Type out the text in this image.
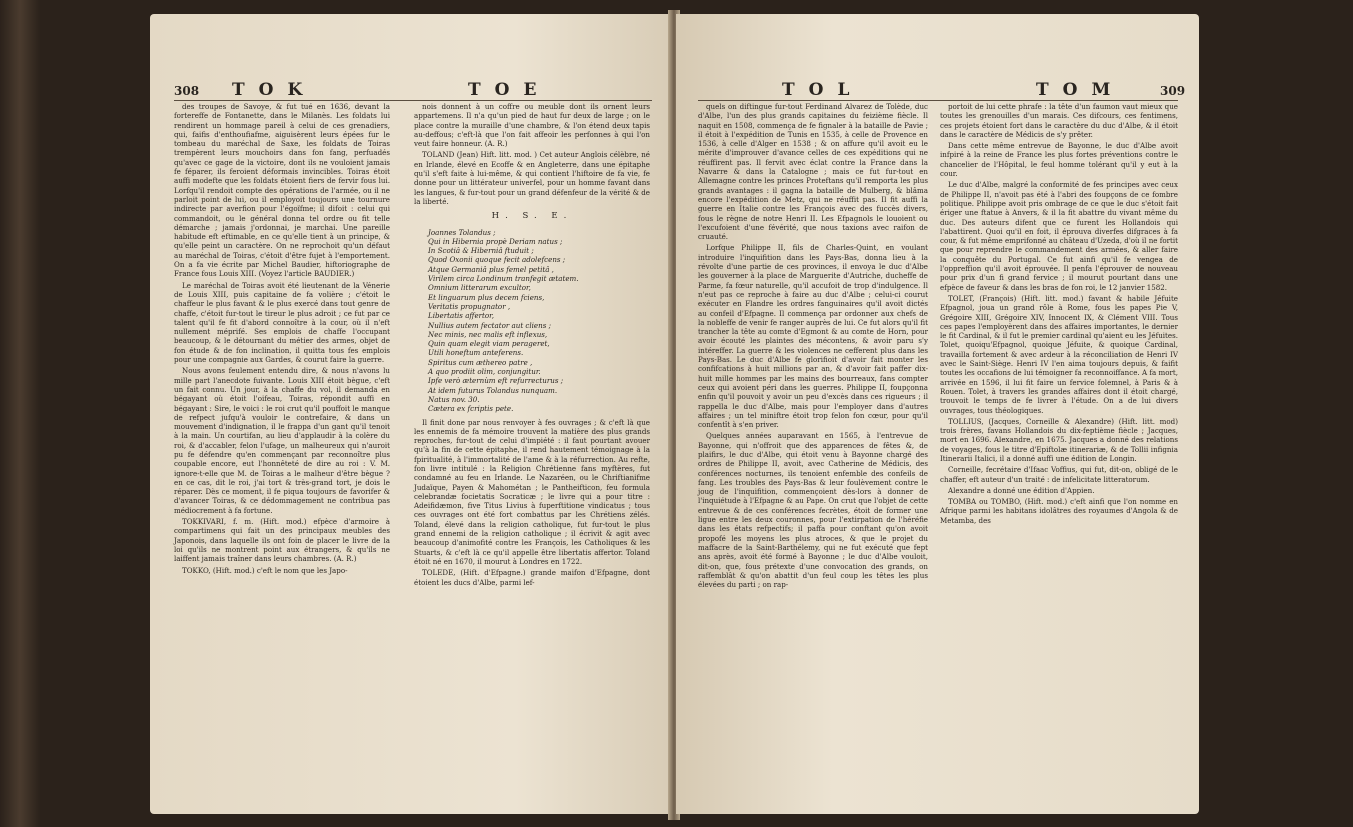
308 TOK	TOE

des troupes de Savoye, & fut tué en 1636, devant la fortereffe de Fontanette, dans le Milanès. Les foldats lui rendirent un hommage pareil à celui de ces grenadiers, qui, faifis d'enthoufiafme, aiguisèrent leurs épées fur le tombeau du maréchal de Saxe, les foldats de Toiras trempèrent leurs mouchoirs dans fon fang, perfuadés qu'avec ce gage de la victoire, dont ils ne vouloient jamais fe féparer, ils feroient déformais invincibles. Toiras étoit auffi modefte que les foldats étoient fiers de fervir fous lui. Lorfqu'il rendoit compte des opérations de l'armée, ou il ne parloit point de lui, ou il employoit toujours une tournure indirecte par averfion pour l'égoïfme; il difoit : celui qui commandoit, ou le général donna tel ordre ou fit telle démarche ; jamais j'ordonnai, je marchai. Une pareille habitude eft eftimable, en ce qu'elle tient à un principe, & qu'elle peint un caractère. On ne reprochoit qu'un défaut au maréchal de Toiras, c'étoit d'être fujet à l'emportement. On a fa vie écrite par Michel Baudier, hiftoriographe de France fous Louis XIII. (Voyez l'article BAUDIER.)

Le maréchal de Toiras avoit été lieutenant de la Vénerie de Louis XIII, puis capitaine de fa volière ; c'étoit le chaffeur le plus favant & le plus exercé dans tout genre de chaffe, c'étoit fur-tout le tireur le plus adroit ; ce fut par ce talent qu'il fe fit d'abord connoître à la cour, où il n'eft nullement méprifé. Ses emplois de chaffe l'occupant beaucoup, & le détournant du métier des armes, objet de fon étude & de fon inclination, il quitta tous fes emplois pour une compagnie aux Gardes, & courut faire la guerre.

Nous avons feulement entendu dire, & nous n'avons lu mille part l'anecdote fuivante. Louis XIII étoit bègue, c'eft un fait connu. Un jour, à la chaffe du vol, il demanda en bégayant où étoit l'oifeau, Toiras, répondit auffi en bégayant : Sire, le voici : le roi crut qu'il pouffoit le manque de refpect jufqu'à vouloir le contrefaire, & dans un mouvement d'indignation, il le frappa d'un gant qu'il tenoit à la main. Un courtifan, au lieu d'applaudir à la colère du roi, & d'accabler, felon l'ufage, un malheureux qui n'auroit pu fe défendre qu'en commençant par reconnoître plus coupable encore, eut l'honnêteté de dire au roi : V. M. ignore-t-elle que M. de Toiras a le malheur d'être bègue ? en ce cas, dit le roi, j'ai tort & très-grand tort, je dois le réparer. Dès ce moment, il fe piqua toujours de favorifer & d'avancer Toiras, & ce dédommagement ne contribua pas médiocrement à fa fortune.

TOKKIVARI, f. m. (Hift. mod.) efpèce d'armoire à compartimens qui fait un des principaux meubles des Japonois, dans laquelle ils ont foin de placer le livre de la loi qu'ils ne montrent point aux étrangers, & qu'ils ne laiffent jamais traîner dans leurs chambres. (A. R.)

TOKKO, (Hift. mod.) c'eft le nom que les Japo-

nois donnent à un coffre ou meuble dont ils ornent leurs appartemens. Il n'a qu'un pied de haut fur deux de large ; on le place contre la muraille d'une chambre, & l'on étend deux tapis au-deffous; c'eft-là que l'on fait affeoir les perfonnes à qui l'on veut faire honneur. (A. R.)

TOLAND (Jean) Hift. litt. mod. ) Cet auteur Anglois célèbre, né en Irlande, élevé en Ecoffe & en Angleterre, dans une épitaphe qu'il s'eft faite à lui-même, & qui contient l'hiftoire de fa vie, fe donne pour un littérateur univerfel, pour un homme favant dans les langues, & fur-tout pour un grand défenfeur de la vérité & de la liberté.

H. S. E.
Joannes Tolandus ;
Qui in Hibernia propè Deriam natus ;
In Scotiâ & Hiberniâ ftuduit ;
Quod Oxonii quoque fecit adolefcens ;
Atque Germaniâ plus femel petitâ ,
Virilem circa Londinum tranfegit ætatem.
Omnium litterarum excultor,
Et linguarum plus decem fciens,
Veritatis propugnator ,
Libertatis affertor,
Nullius autem fectator aut cliens ;
Nec minis, nec malis eft inflexus,
Quin quam elegit viam perageret,
Utili honeftum anteferens.
Spiritus cum æthereo patre ,
A quo prodiit olim, conjungitur.
Ipfe verò æternùm eft refurrecturus ;
At idem futurus Tolandus nunquam.
Natus nov. 30.
Cætera ex fcriptis pete.

Il finit done par nous renvoyer à fes ouvrages ; & c'eft là que les ennemis de fa mémoire trouvent la matière des plus grands reproches, fur-tout de celui d'impiété : il faut pourtant avouer qu'à la fin de cette épitaphe, il rend hautement témoignage à la fpiritualité, à l'immortalité de l'ame & à la réfurrection. Au refte, fon livre intitulé : la Religion Chrétienne fans myftères, fut condamné au feu en Irlande. Le Nazaréen, ou le Chriftianifme Judaïque, Payen & Mahométan ; le Pantheifticon, feu formula celebrandæ focietatis Socraticæ ; le livre qui a pour titre : Adeifidæmon, five Titus Livius à fuperftitione vindicatus ; tous ces ouvrages ont été fort combattus par les Chrétiens zélés. Toland, élevé dans la religion catholique, fut fur-tout le plus grand ennemi de la religion catholique ; il écrivit & agit avec beaucoup d'animofité contre les François, les Catholiques & les Stuarts, & c'eft là ce qu'il appelle être libertatis affertor. Toland étoit né en 1670, il mourut à Londres en 1722.

TOLEDE, (Hift. d'Efpagne.) grande maifon d'Efpagne, dont étoient les ducs d'Albe, parmi lef-

TOL	TOM	309

quels on diftingue fur-tout Ferdinand Alvarez de Tolède, duc d'Albe, l'un des plus grands capitaines du feizième fiècle. Il naquit en 1508, commença de fe fignaler à la bataille de Pavie ; il étoit à l'expédition de Tunis en 1535, à celle de Provence en 1536, à celle d'Alger en 1538 ; & on affure qu'il avoit eu le mérite d'improuver d'avance celles de ces expéditions qui ne réuffirent pas. Il fervit avec éclat contre la France dans la Navarre & dans la Catalogne ; mais ce fut fur-tout en Allemagne contre les princes Proteftans qu'il remporta les plus grands avantages : il gagna la bataille de Mulberg, & blâma encore l'expédition de Metz, qui ne réuffit pas. Il fit auffi la guerre en Italie contre les François avec des fuccès divers, fous le règne de notre Henri II. Les Efpagnols le louoient ou l'excufoient d'une févérité, que nous taxions avec raifon de cruauté.

Lorfque Philippe II, fils de Charles-Quint, en voulant introduire l'inquifition dans les Pays-Bas, donna lieu à la révolte d'une partie de ces provinces, il envoya le duc d'Albe les gouverner à la place de Marguerite d'Autriche, ducheffe de Parme, fa fœur naturelle, qu'il accufoit de trop d'indulgence. Il n'eut pas ce reproche à faire au duc d'Albe ; celui-ci courut exécuter en Flandre les ordres fanguinaires qu'il avoit dictés au confeil d'Efpagne. Il commença par ordonner aux chefs de la nobleffe de venir fe ranger auprès de lui. Ce fut alors qu'il fit trancher la tête au comte d'Egmont & au comte de Horn, pour avoir écouté les plaintes des mécontens, & avoir paru s'y intéreffer. La guerre & les violences ne cefferent plus dans les Pays-Bas. Le duc d'Albe fe glorifioit d'avoir fait monter les confifcations à huit millions par an, & d'avoir fait paffer dix-huit mille hommes par les mains des bourreaux, fans compter ceux qui avoient péri dans les guerres. Philippe II, foupçonna enfin qu'il pouvoit y avoir un peu d'excès dans ces rigueurs ; il rappella le duc d'Albe, mais pour l'employer dans d'autres affaires ; un tel miniftre étoit trop felon fon cœur, pour qu'il confentît à s'en priver.

Quelques années auparavant en 1565, à l'entrevue de Bayonne, qui n'offroit que des apparences de fêtes &, de plaifirs, le duc d'Albe, qui étoit venu à Bayonne chargé des ordres de Philippe II, avoit, avec Catherine de Médicis, des conférences nocturnes, ils tenoient enfemble des confeils de fang. Les troubles des Pays-Bas & leur foulèvement contre le joug de l'inquifition, commençoient dès-lors à donner de l'inquiétude à l'Efpagne & au Pape. On crut que l'objet de cette entrevue & de ces conférences fecrètes, étoit de former une ligue entre les deux couronnes, pour l'extirpation de l'héréfie dans les états refpectifs; il paffa pour conftant qu'on avoit propofé les moyens les plus atroces, & que le projet du maffacre de la Saint-Barthélemy, qui ne fut exécuté que fept ans après, avoit été formé à Bayonne ; le duc d'Albe vouloit, dit-on, que, fous prétexte d'une convocation des grands, on raffemblât & qu'on abattit d'un feul coup les têtes les plus élevées du parti ; on rap-

portoit de lui cette phrafe : la tête d'un faumon vaut mieux que toutes les grenouilles d'un marais. Ces difcours, ces fentimens, ces projets étoient fort dans le caractère du duc d'Albe, & il étoit dans le caractère de Médicis de s'y prêter.

Dans cette même entrevue de Bayonne, le duc d'Albe avoit infpiré à la reine de France les plus fortes préventions contre le chancelier de l'Hôpital, le feul homme tolérant qu'il y eut à la cour.

Le duc d'Albe, malgré la conformité de fes principes avec ceux de Philippe II, n'avoit pas été à l'abri des foupçons de ce fombre politique. Philippe avoit pris ombrage de ce que le duc s'étoit fait ériger une ftatue à Anvers, & il la fit abattre du vivant même du duc. Des auteurs difent que ce furent les Hollandois qui l'abattirent. Quoi qu'il en foit, il éprouva diverfes difgraces à fa cour, & fut même emprifonné au château d'Uzeda, d'où il ne fortit que pour reprendre le commandement des armées, & aller faire la conquête du Portugal. Ce fut ainfi qu'il fe vengea de l'oppreffion qu'il avoit éprouvée. Il penfa l'éprouver de nouveau pour prix d'un fi grand fervice ; il mourut pourtant dans une efpèce de faveur & dans les bras de fon roi, le 12 janvier 1582.

TOLET, (François) (Hift. litt. mod.) favant & habile Jéfuite Efpagnol, joua un grand rôle à Rome, fous les papes Pie V, Grégoire XIII, Grégoire XIV, Innocent IX, & Clément VIII. Tous ces papes l'employèrent dans des affaires importantes, le dernier le fit Cardinal, & il fut le premier cardinal qu'aient eu les Jéfuites. Tolet, quoiqu'Efpagnol, quoique Jéfuite, & quoique Cardinal, travailla fortement & avec ardeur à la réconciliation de Henri IV avec le Saint-Siège. Henri IV l'en aima toujours depuis, & faifit toutes les occafions de lui témoigner fa reconnoiffance. A fa mort, arrivée en 1596, il lui fit faire un fervice folemnel, à Paris & à Rouen. Tolet, à travers les grandes affaires dont il étoit chargé, trouvoit le temps de fe livrer à l'étude. On a de lui divers ouvrages, tous théologiques.

TOLLIUS, (Jacques, Corneille & Alexandre) (Hift. litt. mod) trois frères, favans Hollandois du dix-feptième fiècle ; Jacques, mort en 1696. Alexandre, en 1675. Jacques a donné des relations de voyages, fous le titre d'Epiftolæ itinerariæ, & de Tollii infignia Itinerarii Italici, il a donné auffi une édition de Longin.

Corneille, fecrétaire d'Ifaac Voffius, qui fut, dit-on, obligé de le chaffer, eft auteur d'un traité : de infelicitate litteratorum.

Alexandre a donné une édition d'Appien.

TOMBA ou TOMBO, (Hift. mod.) c'eft ainfi que l'on nomme en Afrique parmi les habitans idolâtres des royaumes d'Angola & de Metamba, des
